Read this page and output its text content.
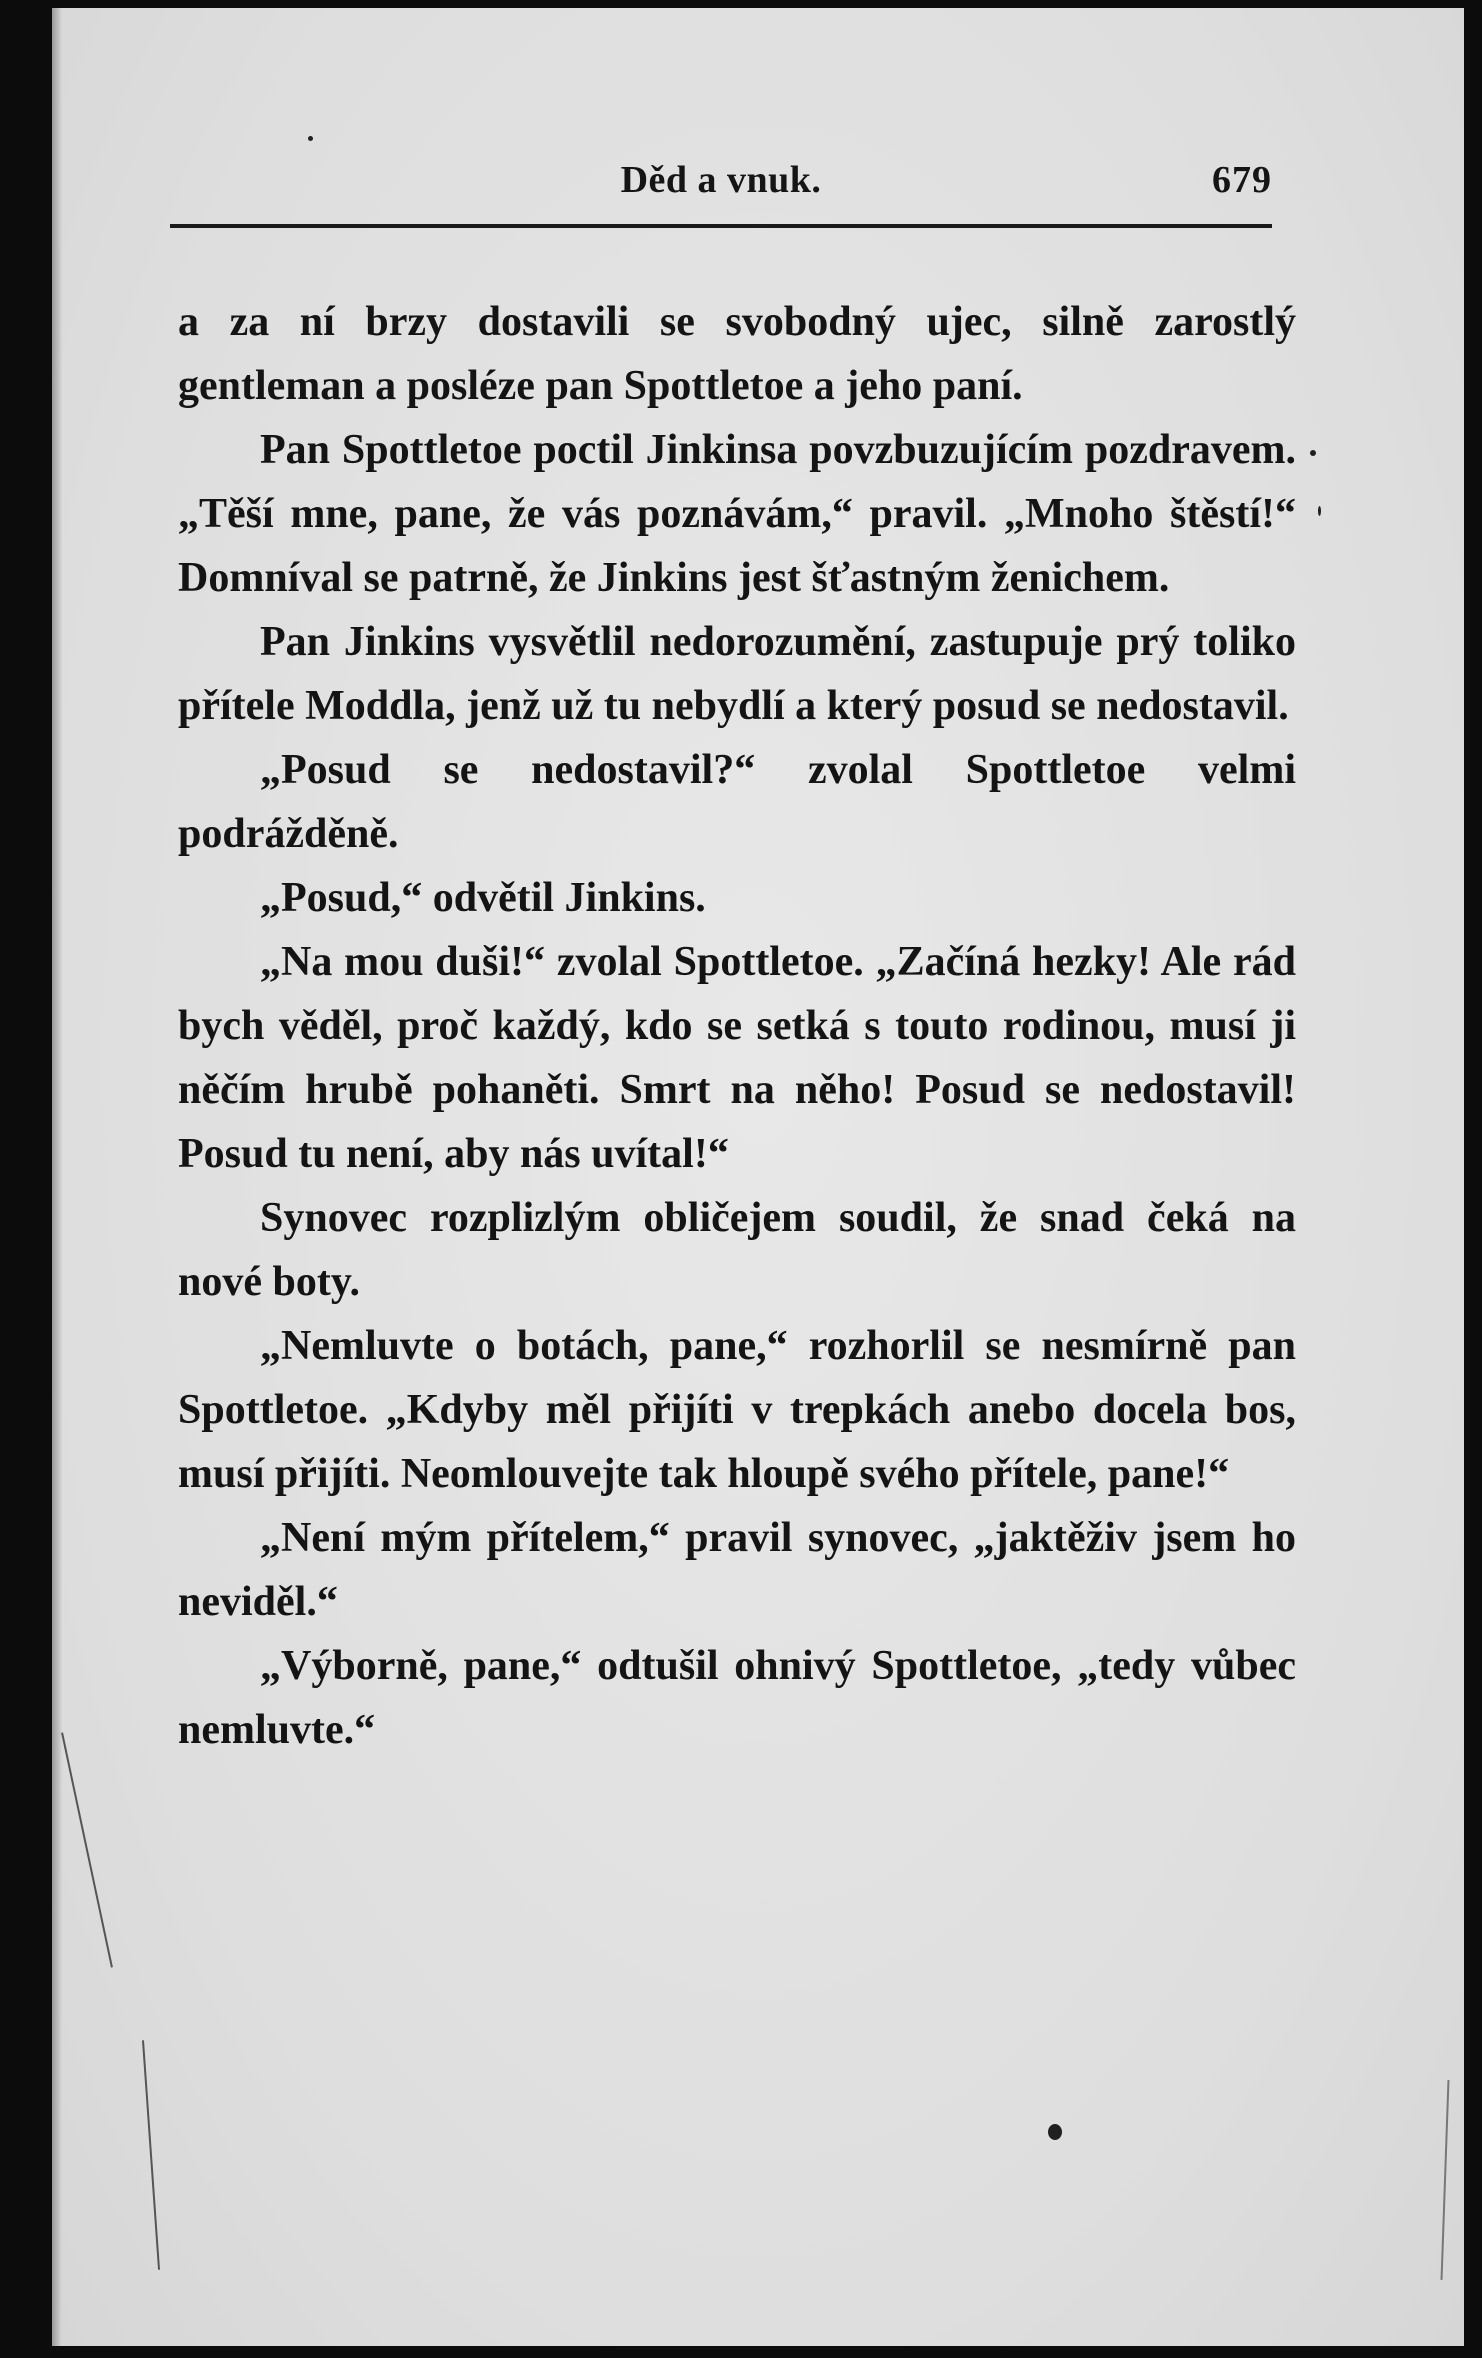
Děd a vnuk.	679

a za ní brzy dostavili se svobodný ujec, silně zarostlý gentleman a posléze pan Spottletoe a jeho paní.

Pan Spottletoe poctil Jinkinsa povzbuzujícím pozdravem. „Těší mne, pane, že vás poznávám,“ pravil. „Mnoho štěstí!“ Domníval se patrně, že Jinkins jest šťastným ženichem.

Pan Jinkins vysvětlil nedorozumění, zastupuje prý toliko přítele Moddla, jenž už tu nebydlí a který posud se nedostavil.

„Posud se nedostavil?“ zvolal Spottletoe velmi podrážděně.

„Posud,“ odvětil Jinkins.

„Na mou duši!“ zvolal Spottletoe. „Začíná hezky! Ale rád bych věděl, proč každý, kdo se setká s touto rodinou, musí ji něčím hrubě pohaněti. Smrt na něho! Posud se nedostavil! Posud tu není, aby nás uvítal!“

Synovec rozplizlým obličejem soudil, že snad čeká na nové boty.

„Nemluvte o botách, pane,“ rozhorlil se nesmírně pan Spottletoe. „Kdyby měl přijíti v trepkách anebo docela bos, musí přijíti. Neomlouvejte tak hloupě svého přítele, pane!“

„Není mým přítelem,“ pravil synovec, „jaktěživ jsem ho neviděl.“

„Výborně, pane,“ odtušil ohnivý Spottletoe, „tedy vůbec nemluvte.“
